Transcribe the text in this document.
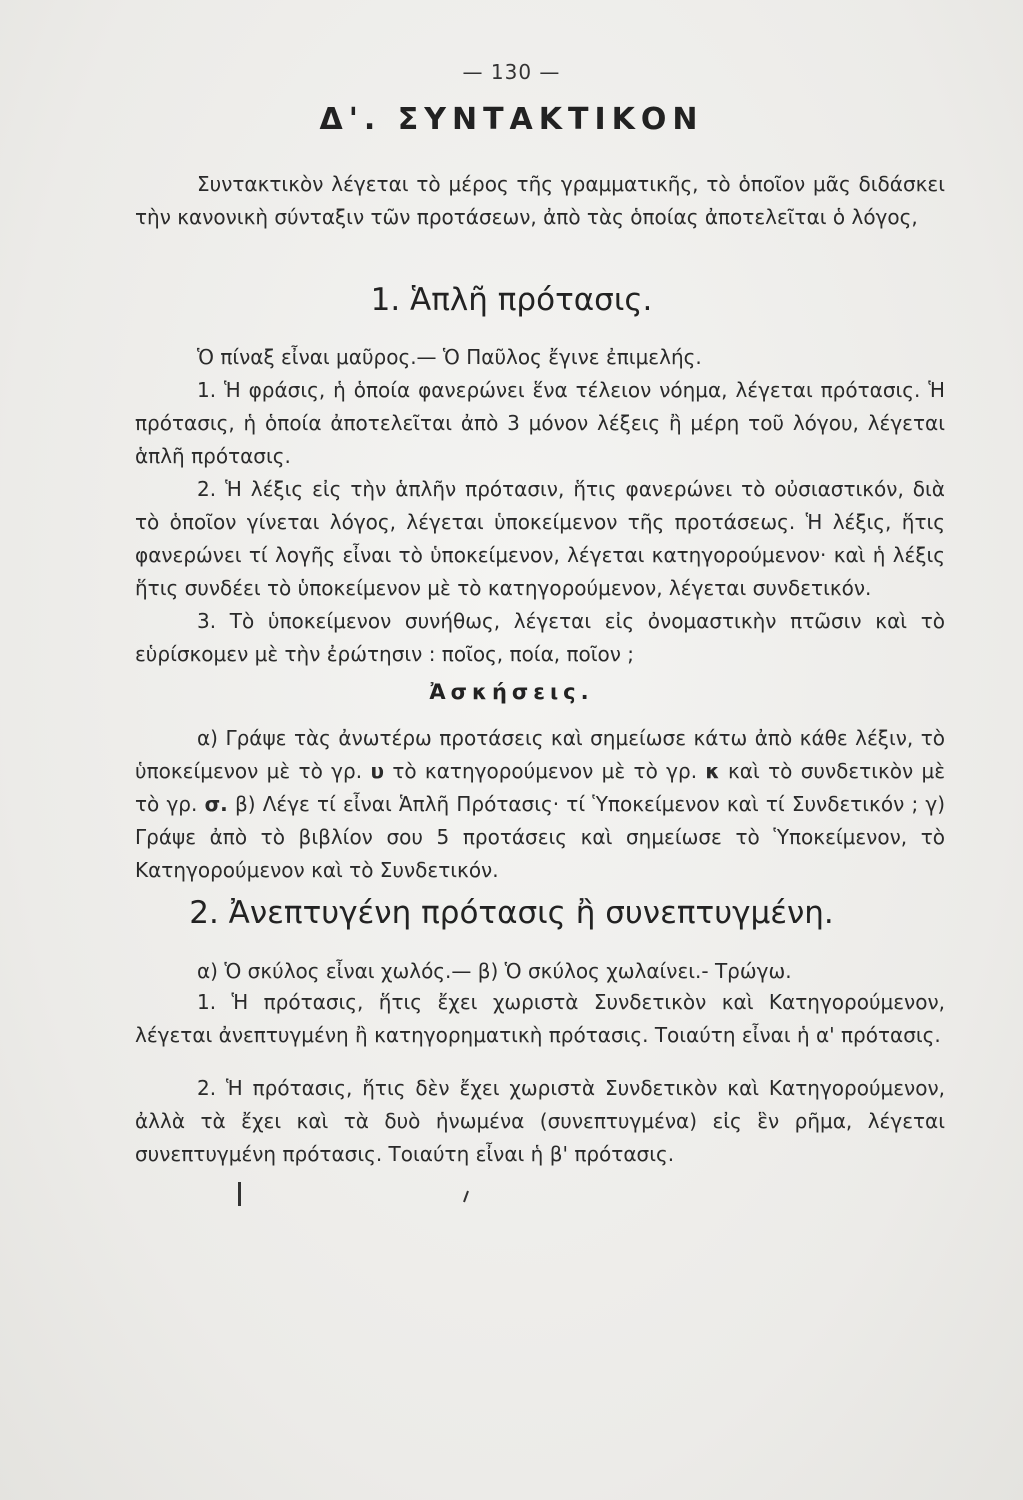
— 130 —
Δ'. ΣΥΝΤΑΚΤΙΚΟΝ
Συντακτικὸν λέγεται τὸ μέρος τῆς γραμματικῆς, τὸ ὁποῖον μᾶς διδάσκει τὴν κανονικὴ σύνταξιν τῶν προτάσεων, ἀπὸ τὰς ὁποίας ἀποτελεῖται ὁ λόγος,
1. Ἁπλῆ πρότασις.
Ὁ πίναξ εἶναι μαῦρος.— Ὁ Παῦλος ἔγινε ἐπιμελής.
1. Ἡ φράσις, ἡ ὁποία φανερώνει ἕνα τέλειον νόημα, λέγεται πρότασις. Ἡ πρότασις, ἡ ὁποία ἀποτελεῖται ἀπὸ 3 μόνον λέξεις ἢ μέρη τοῦ λόγου, λέγεται ἁπλῆ πρότασις.
2. Ἡ λέξις εἰς τὴν ἁπλῆν πρότασιν, ἥτις φανερώνει τὸ οὐσιαστικόν, διὰ τὸ ὁποῖον γίνεται λόγος, λέγεται ὑποκείμενον τῆς προτάσεως. Ἡ λέξις, ἥτις φανερώνει τί λογῆς εἶναι τὸ ὑποκείμενον, λέγεται κατηγορούμενον· καὶ ἡ λέξις ἥτις συνδέει τὸ ὑποκείμενον μὲ τὸ κατηγορούμενον, λέγεται συνδετικόν.
3. Τὸ ὑποκείμενον συνήθως, λέγεται εἰς ὀνομαστικὴν πτῶσιν καὶ τὸ εὑρίσκομεν μὲ τὴν ἐρώτησιν : ποῖος, ποία, ποῖον ;
Ἀσκήσεις.
α) Γράψε τὰς ἀνωτέρω προτάσεις καὶ σημείωσε κάτω ἀπὸ κάθε λέξιν, τὸ ὑποκείμενον μὲ τὸ γρ. υ τὸ κατηγορούμενον μὲ τὸ γρ. κ καὶ τὸ συνδετικὸν μὲ τὸ γρ. σ. β) Λέγε τί εἶναι Ἁπλῆ Πρότασις· τί Ὑποκείμενον καὶ τί Συνδετικόν ; γ) Γράψε ἀπὸ τὸ βιβλίον σου 5 προτάσεις καὶ σημείωσε τὸ Ὑποκείμενον, τὸ Κατηγορούμενον καὶ τὸ Συνδετικόν.
2. Ἀνεπτυγένη πρότασις ἢ συνεπτυγμένη.
α) Ὁ σκύλος εἶναι χωλός.— β) Ὁ σκύλος χωλαίνει.- Τρώγω.
1. Ἡ πρότασις, ἥτις ἔχει χωριστὰ Συνδετικὸν καὶ Κατηγορούμενον, λέγεται ἀνεπτυγμένη ἢ κατηγορηματικὴ πρότασις. Τοιαύτη εἶναι ἡ α' πρότασις.
2. Ἡ πρότασις, ἥτις δὲν ἔχει χωριστὰ Συνδετικὸν καὶ Κατηγορούμενον, ἀλλὰ τὰ ἔχει καὶ τὰ δυὸ ἡνωμένα (συνεπτυγμένα) εἰς ἓν ρῆμα, λέγεται συνεπτυγμένη πρότασις. Τοιαύτη εἶναι ἡ β' πρότασις.
